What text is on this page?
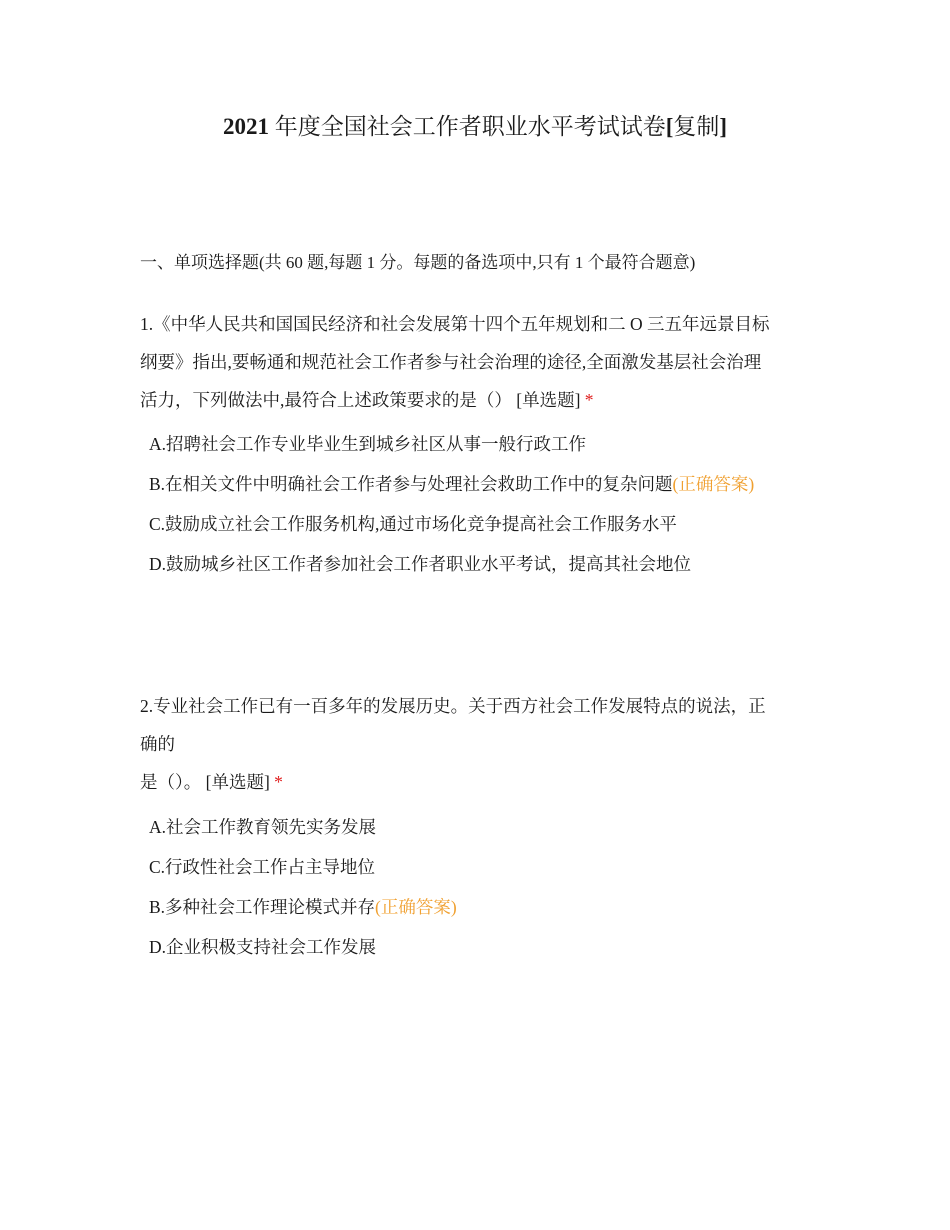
2021 年度全国社会工作者职业水平考试试卷[复制]
一、单项选择题(共 60 题,每题 1 分。每题的备选项中,只有 1 个最符合题意)
1.《中华人民共和国国民经济和社会发展第十四个五年规划和二 O 三五年远景目标
纲要》指出,要畅通和规范社会工作者参与社会治理的途径,全面激发基层社会治理
活力，下列做法中,最符合上述政策要求的是（） [单选题] *
A.招聘社会工作专业毕业生到城乡社区从事一般行政工作
B.在相关文件中明确社会工作者参与处理社会救助工作中的复杂问题(正确答案)
C.鼓励成立社会工作服务机构,通过市场化竞争提高社会工作服务水平
D.鼓励城乡社区工作者参加社会工作者职业水平考试，提高其社会地位
2.专业社会工作已有一百多年的发展历史。关于西方社会工作发展特点的说法，正
确的
是（）。 [单选题] *
A.社会工作教育领先实务发展
C.行政性社会工作占主导地位
B.多种社会工作理论模式并存(正确答案)
D.企业积极支持社会工作发展
